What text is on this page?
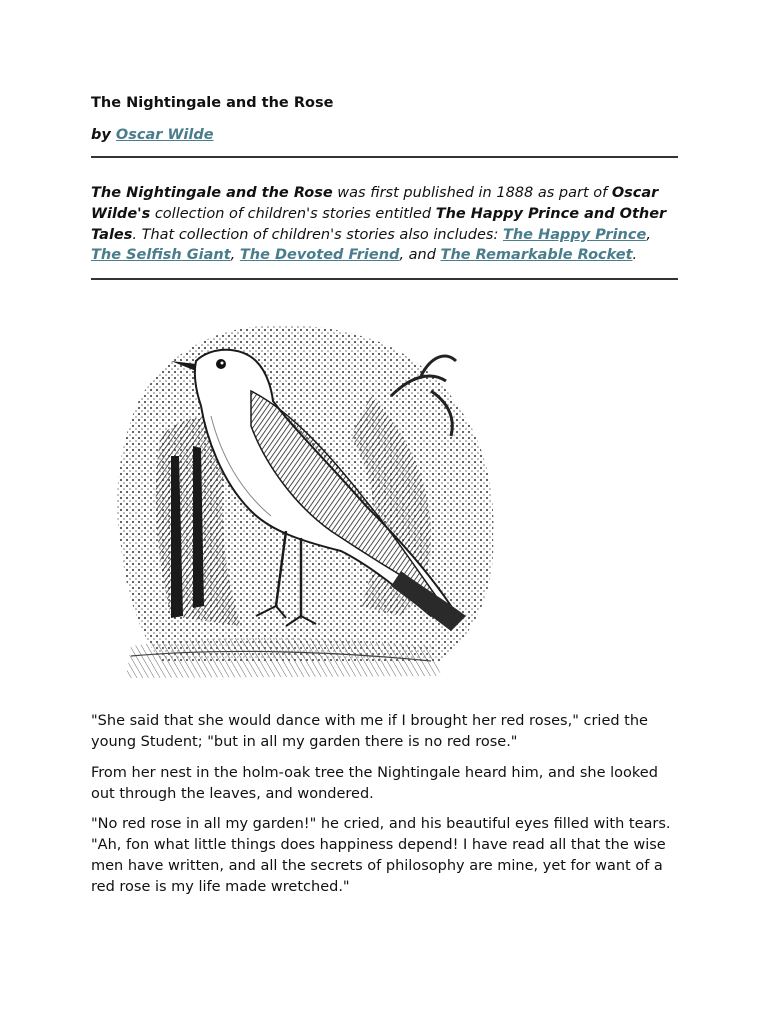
The Nightingale and the Rose

by Oscar Wilde

The Nightingale and the Rose was first published in 1888 as part of Oscar Wilde's collection of children's stories entitled The Happy Prince and Other Tales. That collection of children's stories also includes: The Happy Prince, The Selfish Giant, The Devoted Friend, and The Remarkable Rocket.

"She said that she would dance with me if I brought her red roses," cried the young Student; "but in all my garden there is no red rose."

From her nest in the holm-oak tree the Nightingale heard him, and she looked out through the leaves, and wondered.

"No red rose in all my garden!" he cried, and his beautiful eyes filled with tears. "Ah, fon what little things does happiness depend! I have read all that the wise men have written, and all the secrets of philosophy are mine, yet for want of a red rose is my life made wretched."
